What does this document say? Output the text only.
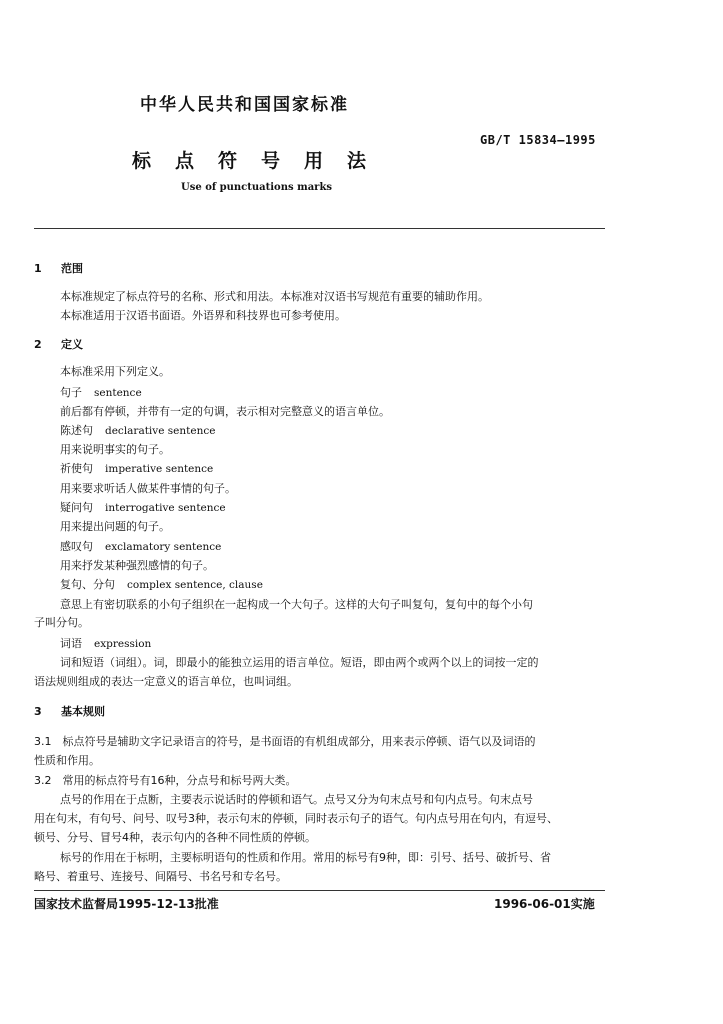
中华人民共和国国家标准
GB/T 15834—1995
标点符号用法
Use of punctuations marks
1 范围
本标准规定了标点符号的名称、形式和用法。本标准对汉语书写规范有重要的辅助作用。
本标准适用于汉语书面语。外语界和科技界也可参考使用。
2 定义
本标准采用下列定义。
句子 sentence
前后都有停顿，并带有一定的句调，表示相对完整意义的语言单位。
陈述句 declarative sentence
用来说明事实的句子。
祈使句 imperative sentence
用来要求听话人做某件事情的句子。
疑问句 interrogative sentence
用来提出问题的句子。
感叹句 exclamatory sentence
用来抒发某种强烈感情的句子。
复句、分句 complex sentence, clause
意思上有密切联系的小句子组织在一起构成一个大句子。这样的大句子叫复句，复句中的每个小句
子叫分句。
词语 expression
词和短语（词组）。词，即最小的能独立运用的语言单位。短语，即由两个或两个以上的词按一定的
语法规则组成的表达一定意义的语言单位，也叫词组。
3 基本规则
3.1　标点符号是辅助文字记录语言的符号，是书面语的有机组成部分，用来表示停顿、语气以及词语的
性质和作用。
3.2　常用的标点符号有16种，分点号和标号两大类。
点号的作用在于点断，主要表示说话时的停顿和语气。点号又分为句末点号和句内点号。句末点号
用在句末，有句号、问号、叹号3种，表示句末的停顿，同时表示句子的语气。句内点号用在句内，有逗号、
顿号、分号、冒号4种，表示句内的各种不同性质的停顿。
标号的作用在于标明，主要标明语句的性质和作用。常用的标号有9种，即：引号、括号、破折号、省
略号、着重号、连接号、间隔号、书名号和专名号。
国家技术监督局1995-12-13批准	1996-06-01实施
